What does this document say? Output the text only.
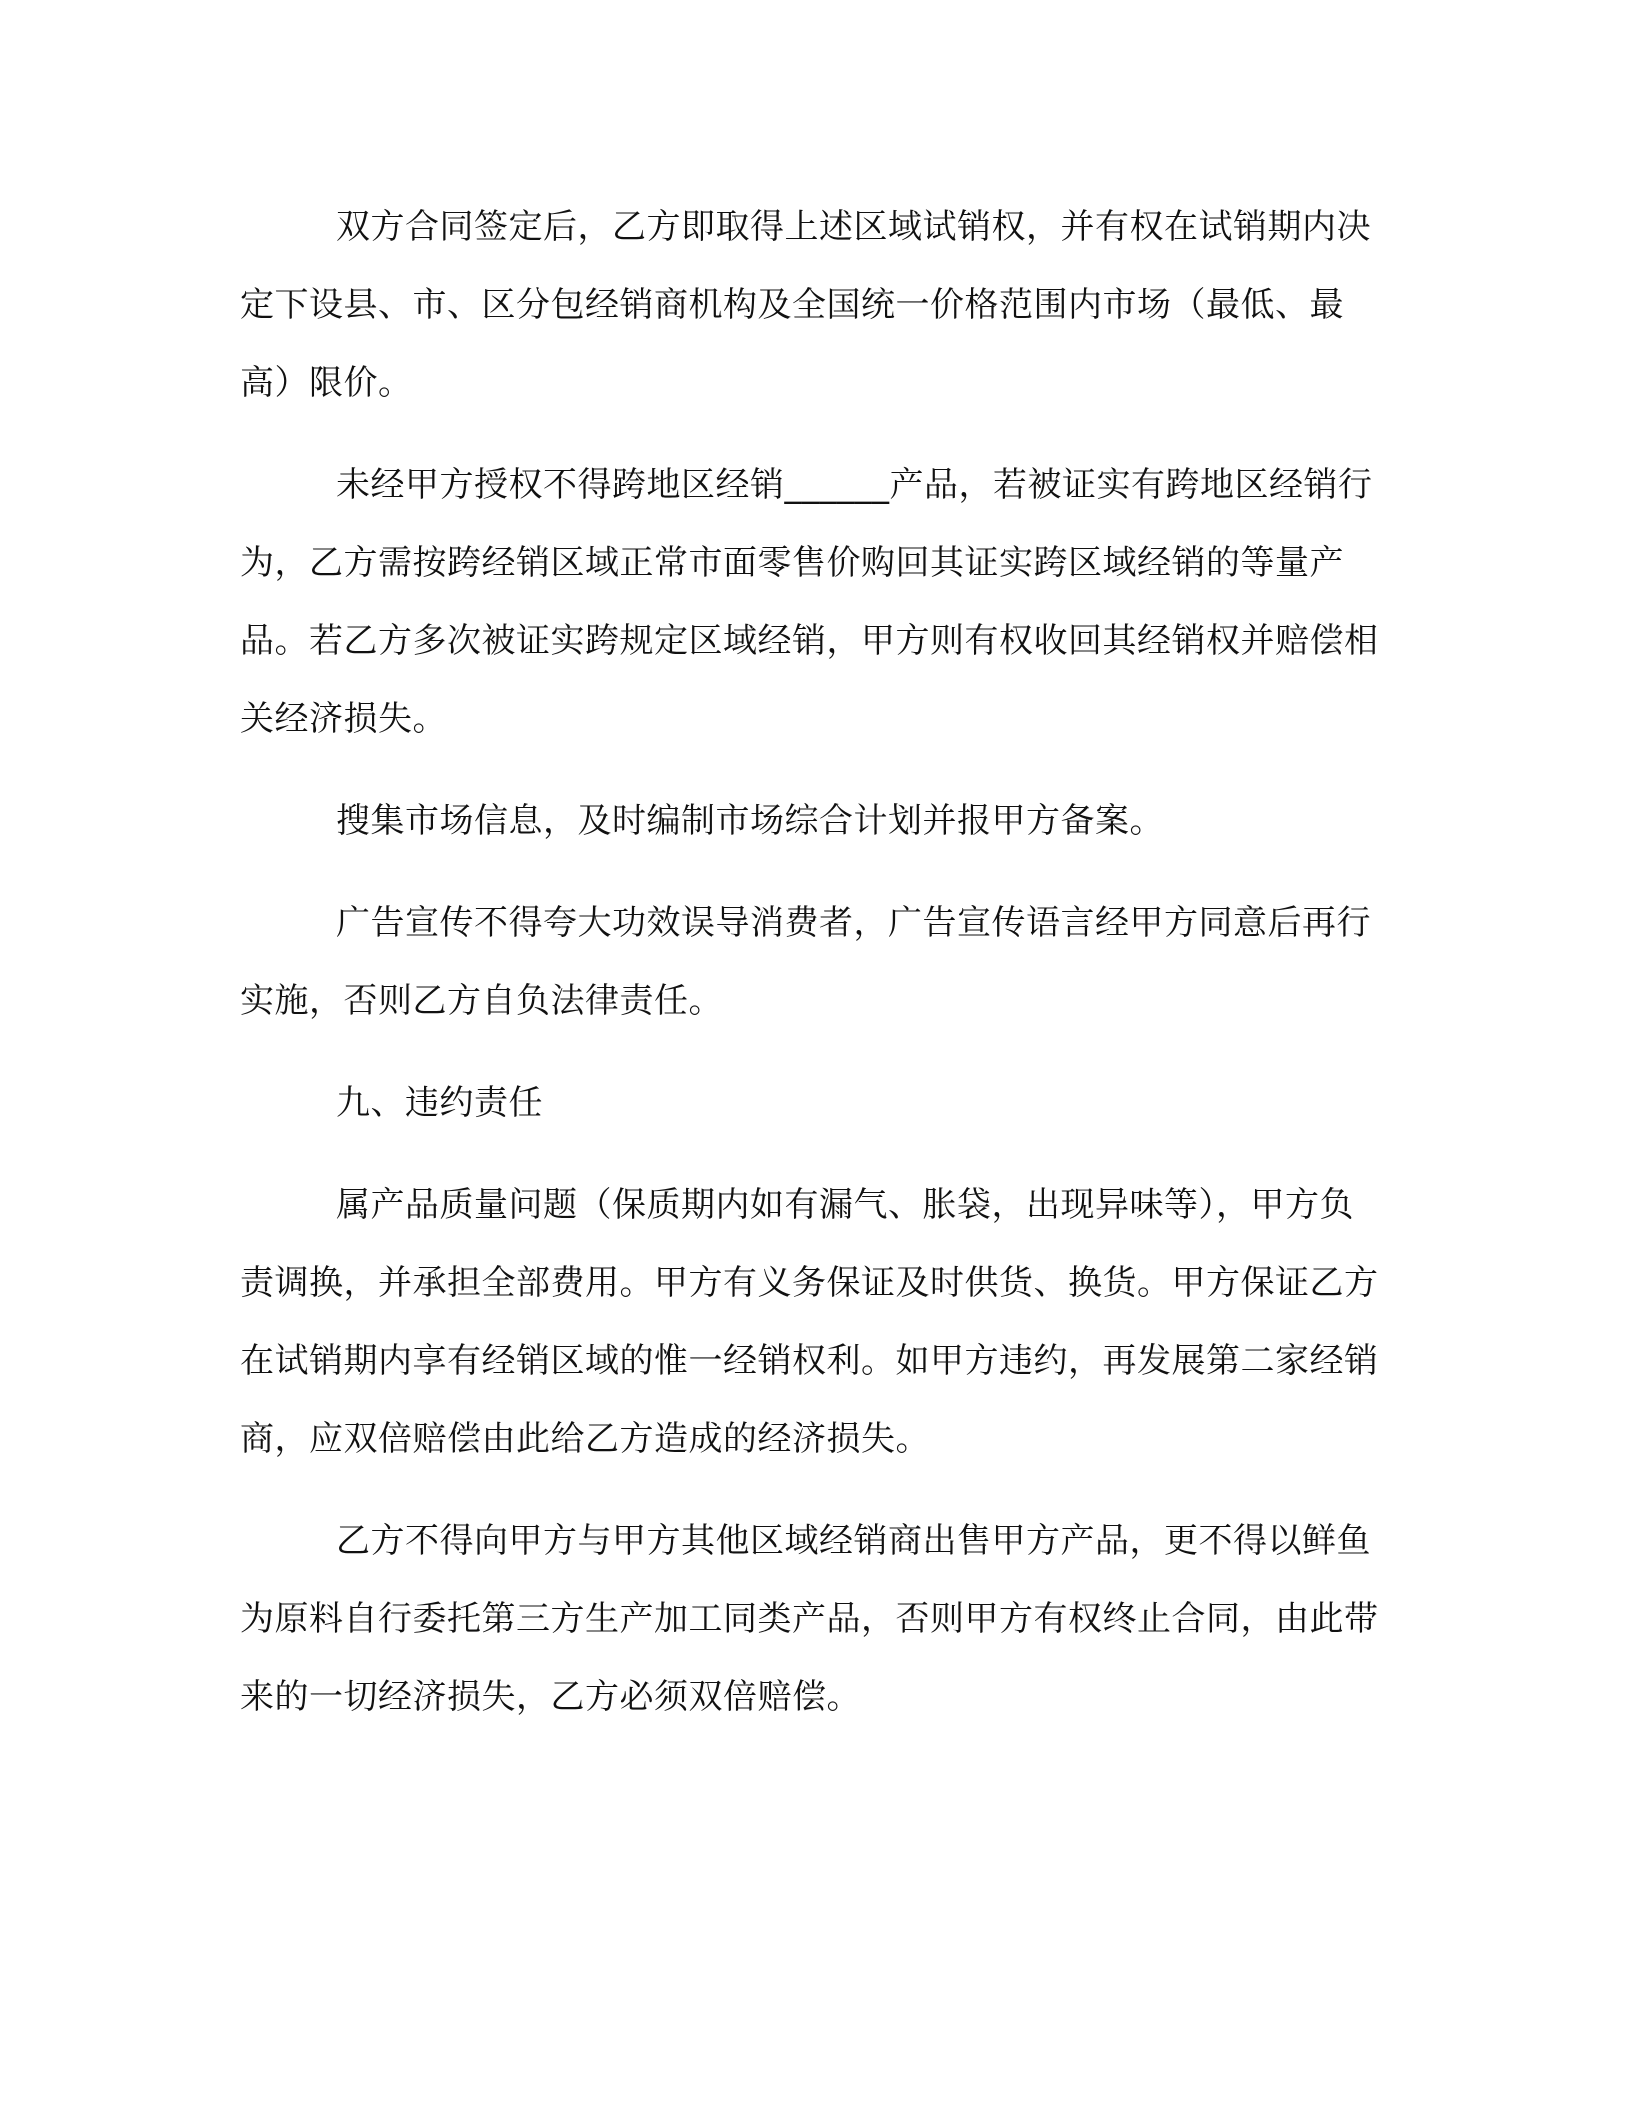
双方合同签定后，乙方即取得上述区域试销权，并有权在试销期内决定下设县、市、区分包经销商机构及全国统一价格范围内市场（最低、最高）限价。

未经甲方授权不得跨地区经销______产品，若被证实有跨地区经销行为，乙方需按跨经销区域正常市面零售价购回其证实跨区域经销的等量产品。若乙方多次被证实跨规定区域经销，甲方则有权收回其经销权并赔偿相关经济损失。

搜集市场信息，及时编制市场综合计划并报甲方备案。

广告宣传不得夸大功效误导消费者，广告宣传语言经甲方同意后再行实施，否则乙方自负法律责任。

九、违约责任

属产品质量问题（保质期内如有漏气、胀袋，出现异味等），甲方负责调换，并承担全部费用。甲方有义务保证及时供货、换货。甲方保证乙方在试销期内享有经销区域的惟一经销权利。如甲方违约，再发展第二家经销商，应双倍赔偿由此给乙方造成的经济损失。

乙方不得向甲方与甲方其他区域经销商出售甲方产品，更不得以鲜鱼为原料自行委托第三方生产加工同类产品，否则甲方有权终止合同，由此带来的一切经济损失，乙方必须双倍赔偿。
